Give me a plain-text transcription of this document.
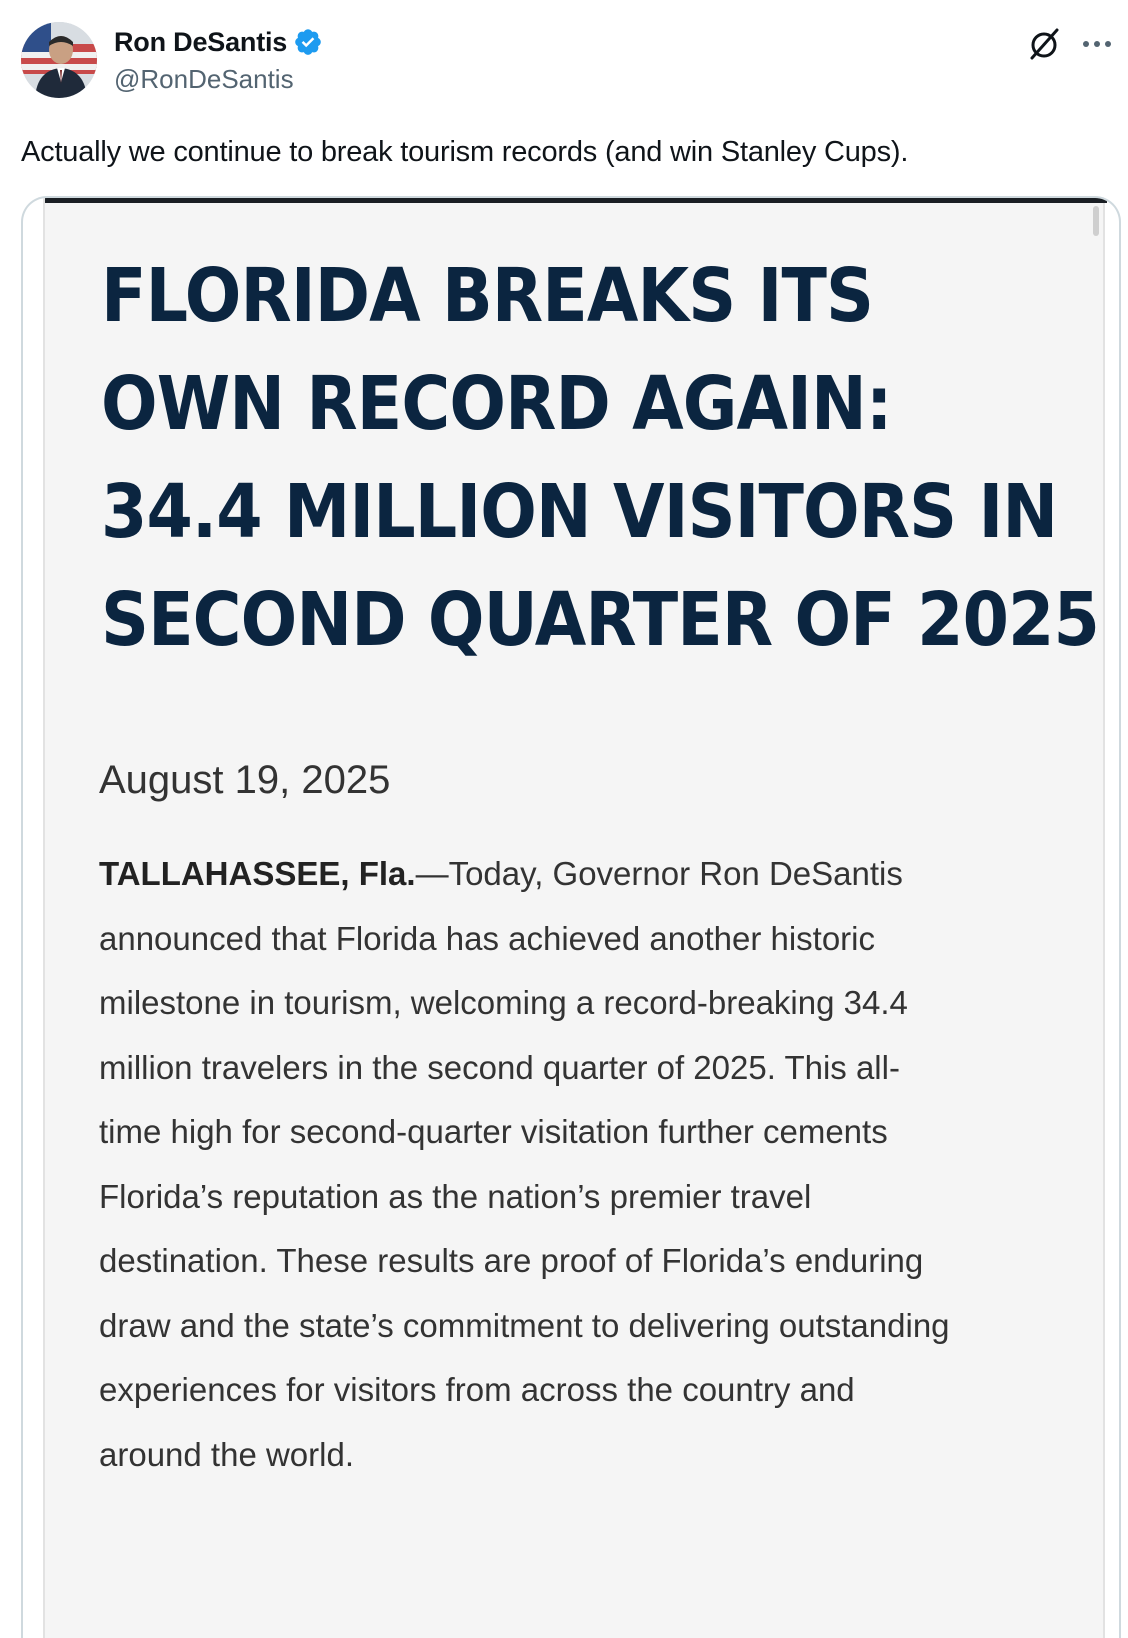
Ron DeSantis
@RonDeSantis
Actually we continue to break tourism records (and win Stanley Cups).
FLORIDA BREAKS ITS
OWN RECORD AGAIN:
34.4 MILLION VISITORS IN
SECOND QUARTER OF 2025
August 19, 2025
TALLAHASSEE, Fla.—Today, Governor Ron DeSantis
announced that Florida has achieved another historic
milestone in tourism, welcoming a record-breaking 34.4
million travelers in the second quarter of 2025. This all-
time high for second-quarter visitation further cements
Florida’s reputation as the nation’s premier travel
destination. These results are proof of Florida’s enduring
draw and the state’s commitment to delivering outstanding
experiences for visitors from across the country and
around the world.
